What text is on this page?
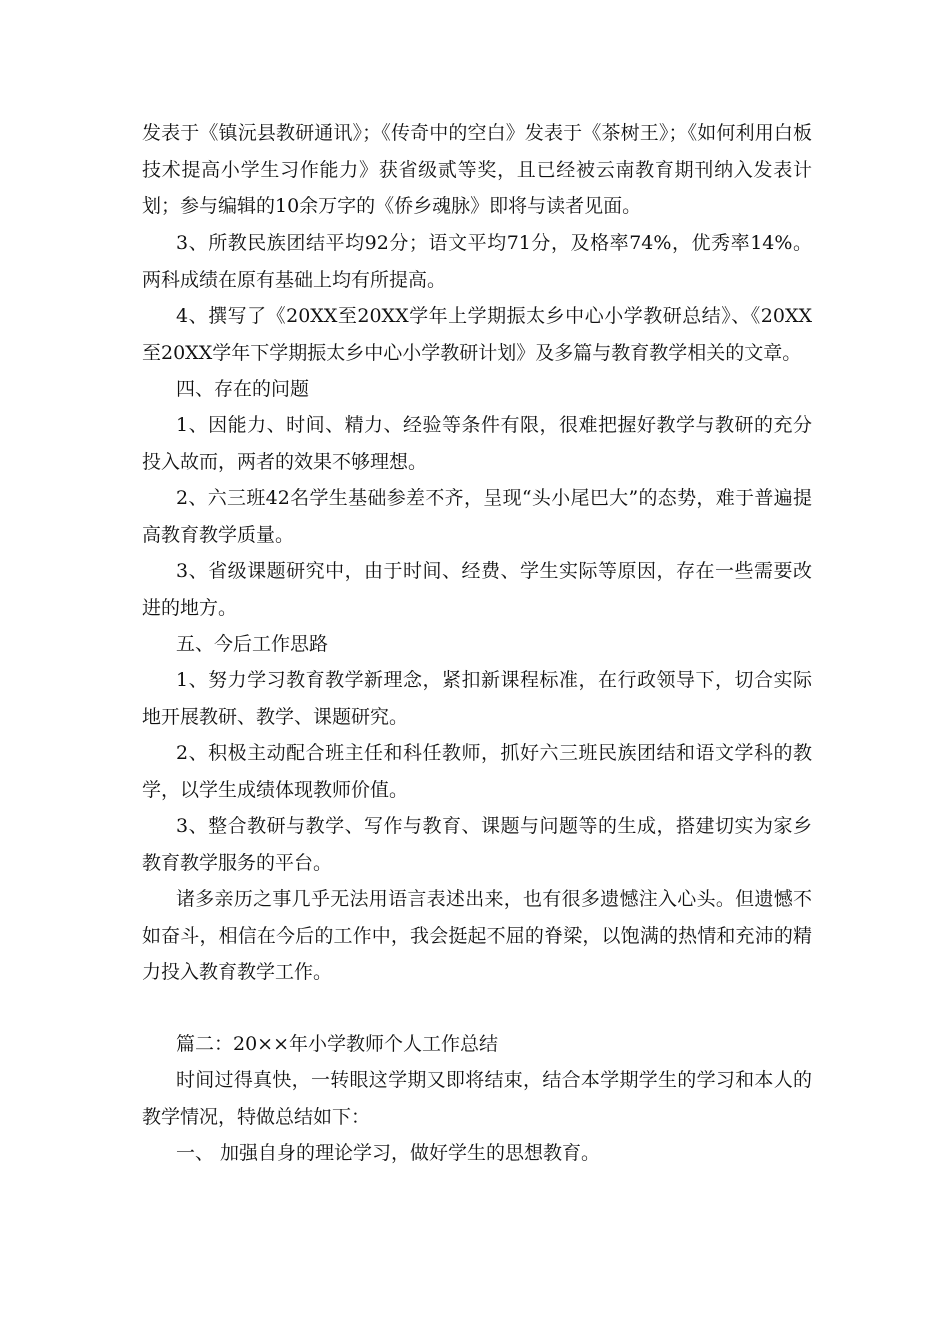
发表于《镇沅县教研通讯》；《传奇中的空白》发表于《茶树王》；《如何利用白板技术提高小学生习作能力》获省级贰等奖，且已经被云南教育期刊纳入发表计划；参与编辑的10余万字的《侨乡魂脉》即将与读者见面。

3、所教民族团结平均92分；语文平均71分，及格率74%，优秀率14%。两科成绩在原有基础上均有所提高。

4、撰写了《20XX至20XX学年上学期振太乡中心小学教研总结》、《20XX至20XX学年下学期振太乡中心小学教研计划》及多篇与教育教学相关的文章。

四、存在的问题

1、因能力、时间、精力、经验等条件有限，很难把握好教学与教研的充分投入故而，两者的效果不够理想。

2、六三班42名学生基础参差不齐，呈现“头小尾巴大”的态势，难于普遍提高教育教学质量。

3、省级课题研究中，由于时间、经费、学生实际等原因，存在一些需要改进的地方。

五、今后工作思路

1、努力学习教育教学新理念，紧扣新课程标准，在行政领导下，切合实际地开展教研、教学、课题研究。

2、积极主动配合班主任和科任教师，抓好六三班民族团结和语文学科的教学，以学生成绩体现教师价值。

3、整合教研与教学、写作与教育、课题与问题等的生成，搭建切实为家乡教育教学服务的平台。

诸多亲历之事几乎无法用语言表述出来，也有很多遗憾注入心头。但遗憾不如奋斗，相信在今后的工作中，我会挺起不屈的脊梁，以饱满的热情和充沛的精力投入教育教学工作。

篇二：20××年小学教师个人工作总结

时间过得真快，一转眼这学期又即将结束，结合本学期学生的学习和本人的教学情况，特做总结如下：

一、 加强自身的理论学习，做好学生的思想教育。
